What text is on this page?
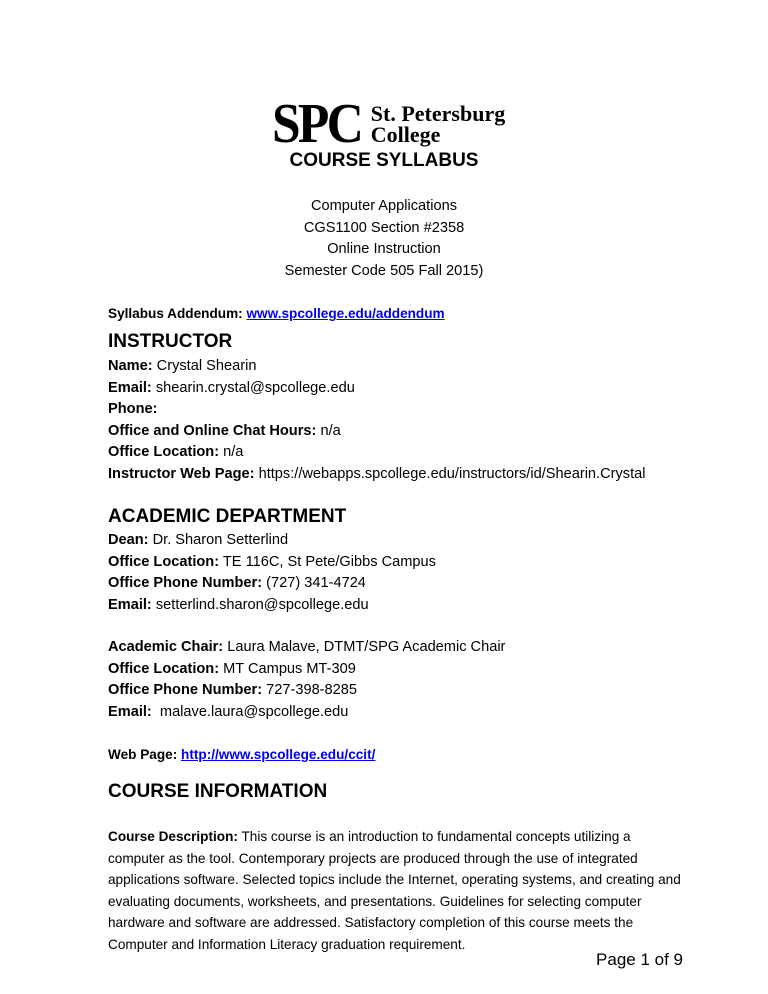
SPC St. Petersburg
College
COURSE SYLLABUS
Computer Applications
CGS1100 Section #2358
Online Instruction
Semester Code 505 Fall 2015)
Syllabus Addendum: www.spcollege.edu/addendum
INSTRUCTOR
Name: Crystal Shearin
Email: shearin.crystal@spcollege.edu
Phone:
Office and Online Chat Hours: n/a
Office Location: n/a
Instructor Web Page: https://webapps.spcollege.edu/instructors/id/Shearin.Crystal
ACADEMIC DEPARTMENT
Dean: Dr. Sharon Setterlind
Office Location: TE 116C, St Pete/Gibbs Campus
Office Phone Number: (727) 341-4724
Email: setterlind.sharon@spcollege.edu
Academic Chair: Laura Malave, DTMT/SPG Academic Chair
Office Location: MT Campus MT-309
Office Phone Number: 727-398-8285
Email:  malave.laura@spcollege.edu
Web Page: http://www.spcollege.edu/ccit/
COURSE INFORMATION
Course Description: This course is an introduction to fundamental concepts utilizing a computer as the tool. Contemporary projects are produced through the use of integrated applications software. Selected topics include the Internet, operating systems, and creating and evaluating documents, worksheets, and presentations. Guidelines for selecting computer hardware and software are addressed. Satisfactory completion of this course meets the Computer and Information Literacy graduation requirement.
Page 1 of 9
